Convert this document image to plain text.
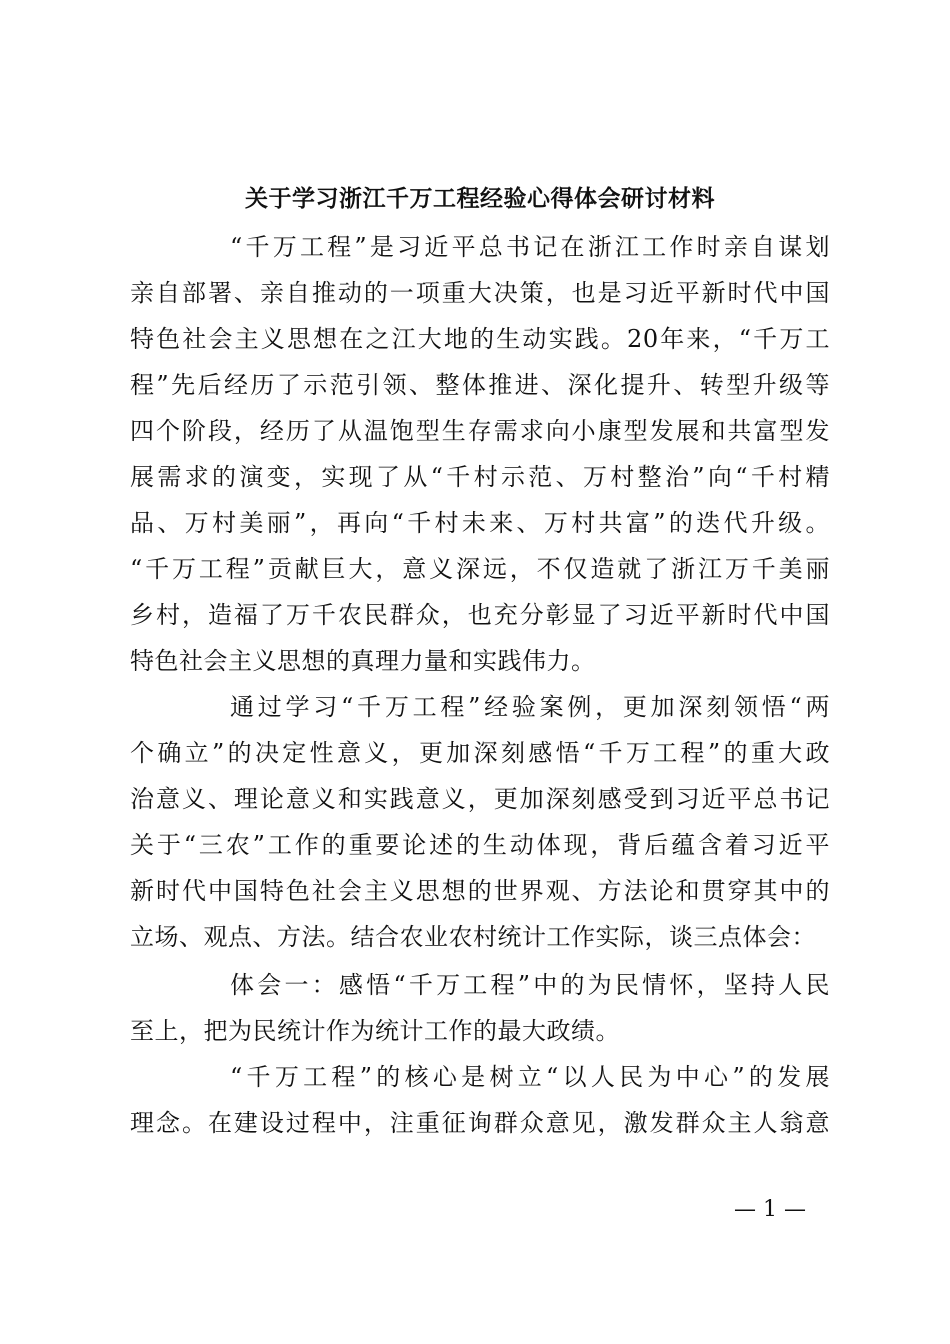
关于学习浙江千万工程经验心得体会研讨材料
“千万工程”是习近平总书记在浙江工作时亲自谋划
亲自部署、亲自推动的一项重大决策，也是习近平新时代中国
特色社会主义思想在之江大地的生动实践。20年来，“千万工
程”先后经历了示范引领、整体推进、深化提升、转型升级等
四个阶段，经历了从温饱型生存需求向小康型发展和共富型发
展需求的演变，实现了从“千村示范、万村整治”向“千村精
品、万村美丽”，再向“千村未来、万村共富”的迭代升级。
“千万工程”贡献巨大，意义深远，不仅造就了浙江万千美丽
乡村，造福了万千农民群众，也充分彰显了习近平新时代中国
特色社会主义思想的真理力量和实践伟力。
通过学习“千万工程”经验案例，更加深刻领悟“两
个确立”的决定性意义，更加深刻感悟“千万工程”的重大政
治意义、理论意义和实践意义，更加深刻感受到习近平总书记
关于“三农”工作的重要论述的生动体现，背后蕴含着习近平
新时代中国特色社会主义思想的世界观、方法论和贯穿其中的
立场、观点、方法。结合农业农村统计工作实际，谈三点体会：
体会一：感悟“千万工程”中的为民情怀，坚持人民
至上，把为民统计作为统计工作的最大政绩。
“千万工程”的核心是树立“以人民为中心”的发展
理念。在建设过程中，注重征询群众意见，激发群众主人翁意
— 1 —
